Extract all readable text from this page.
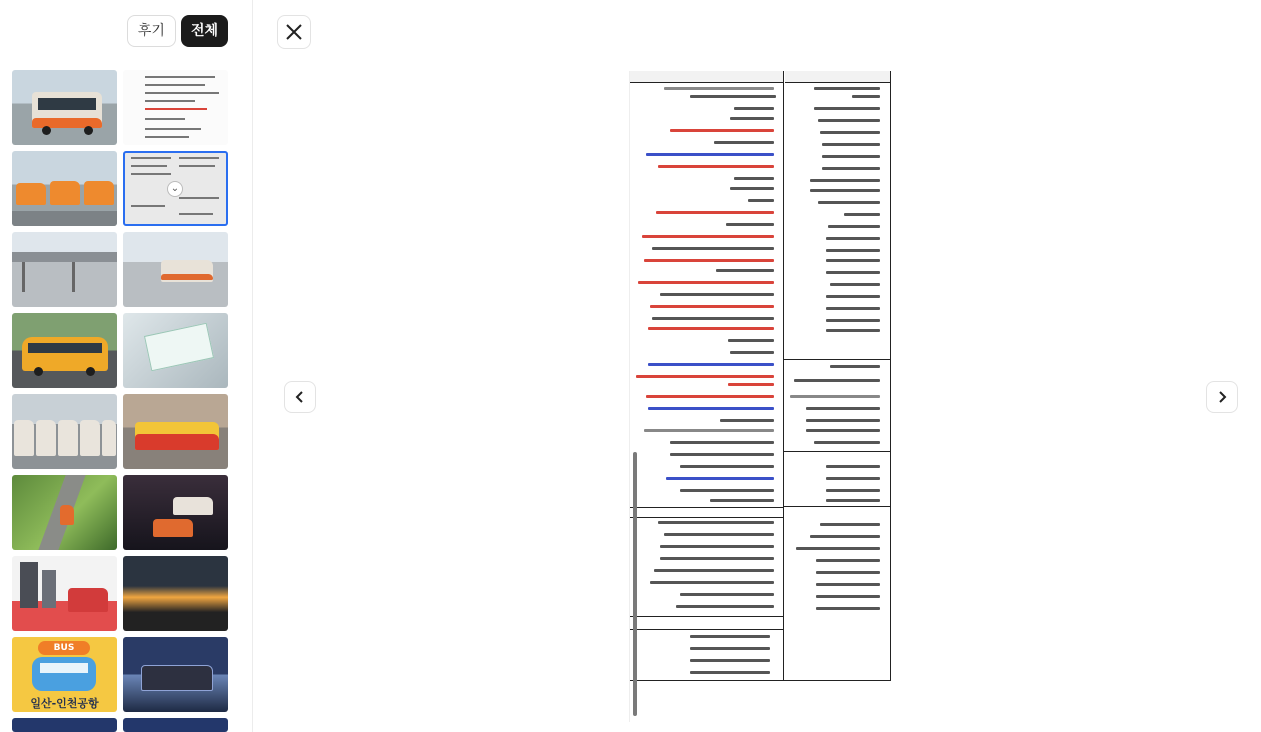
후기	전체
⌄
BUS
일산-인천공항
